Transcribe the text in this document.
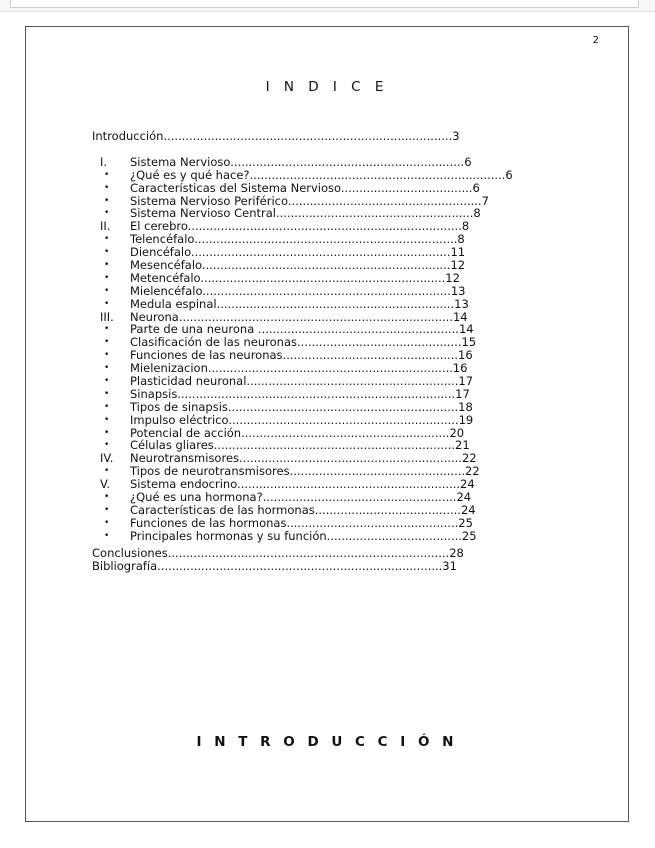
2
I N D I C E
Introducción...............................................................................3
I.	Sistema Nervioso................................................................6
•	¿Qué es y qué hace?......................................................................6
•	Características del Sistema Nervioso....................................6
•	Sistema Nervioso Periférico.....................................................7
•	Sistema Nervioso Central......................................................8
II.	El cerebro...........................................................................8
•	Telencéfalo........................................................................8
•	Diencéfalo.......................................................................11
•	Mesencéfalo....................................................................12
•	Metencéfalo...................................................................12
•	Mielencéfalo....................................................................13
•	Medula espinal.................................................................13
III.	Neurona...........................................................................14
•	Parte de una neurona .......................................................14
•	Clasificación de las neuronas.............................................15
•	Funciones de las neuronas................................................16
•	Mielenizacion...................................................................16
•	Plasticidad neuronal..........................................................17
•	Sinapsis............................................................................17
•	Tipos de sinapsis...............................................................18
•	Impulso eléctrico...............................................................19
•	Potencial de acción.........................................................20
•	Células gliares..................................................................21
IV.	Neurotransmisores.............................................................22
•	Tipos de neurotransmisores................................................22
V.	Sistema endocrino.............................................................24
•	¿Qué es una hormona?.....................................................24
•	Características de las hormonas........................................24
•	Funciones de las hormonas...............................................25
•	Principales hormonas y su función.....................................25
Conclusiones.............................................................................28
Bibliografía..............................................................................31
I N T R O D U C C I Ó N
